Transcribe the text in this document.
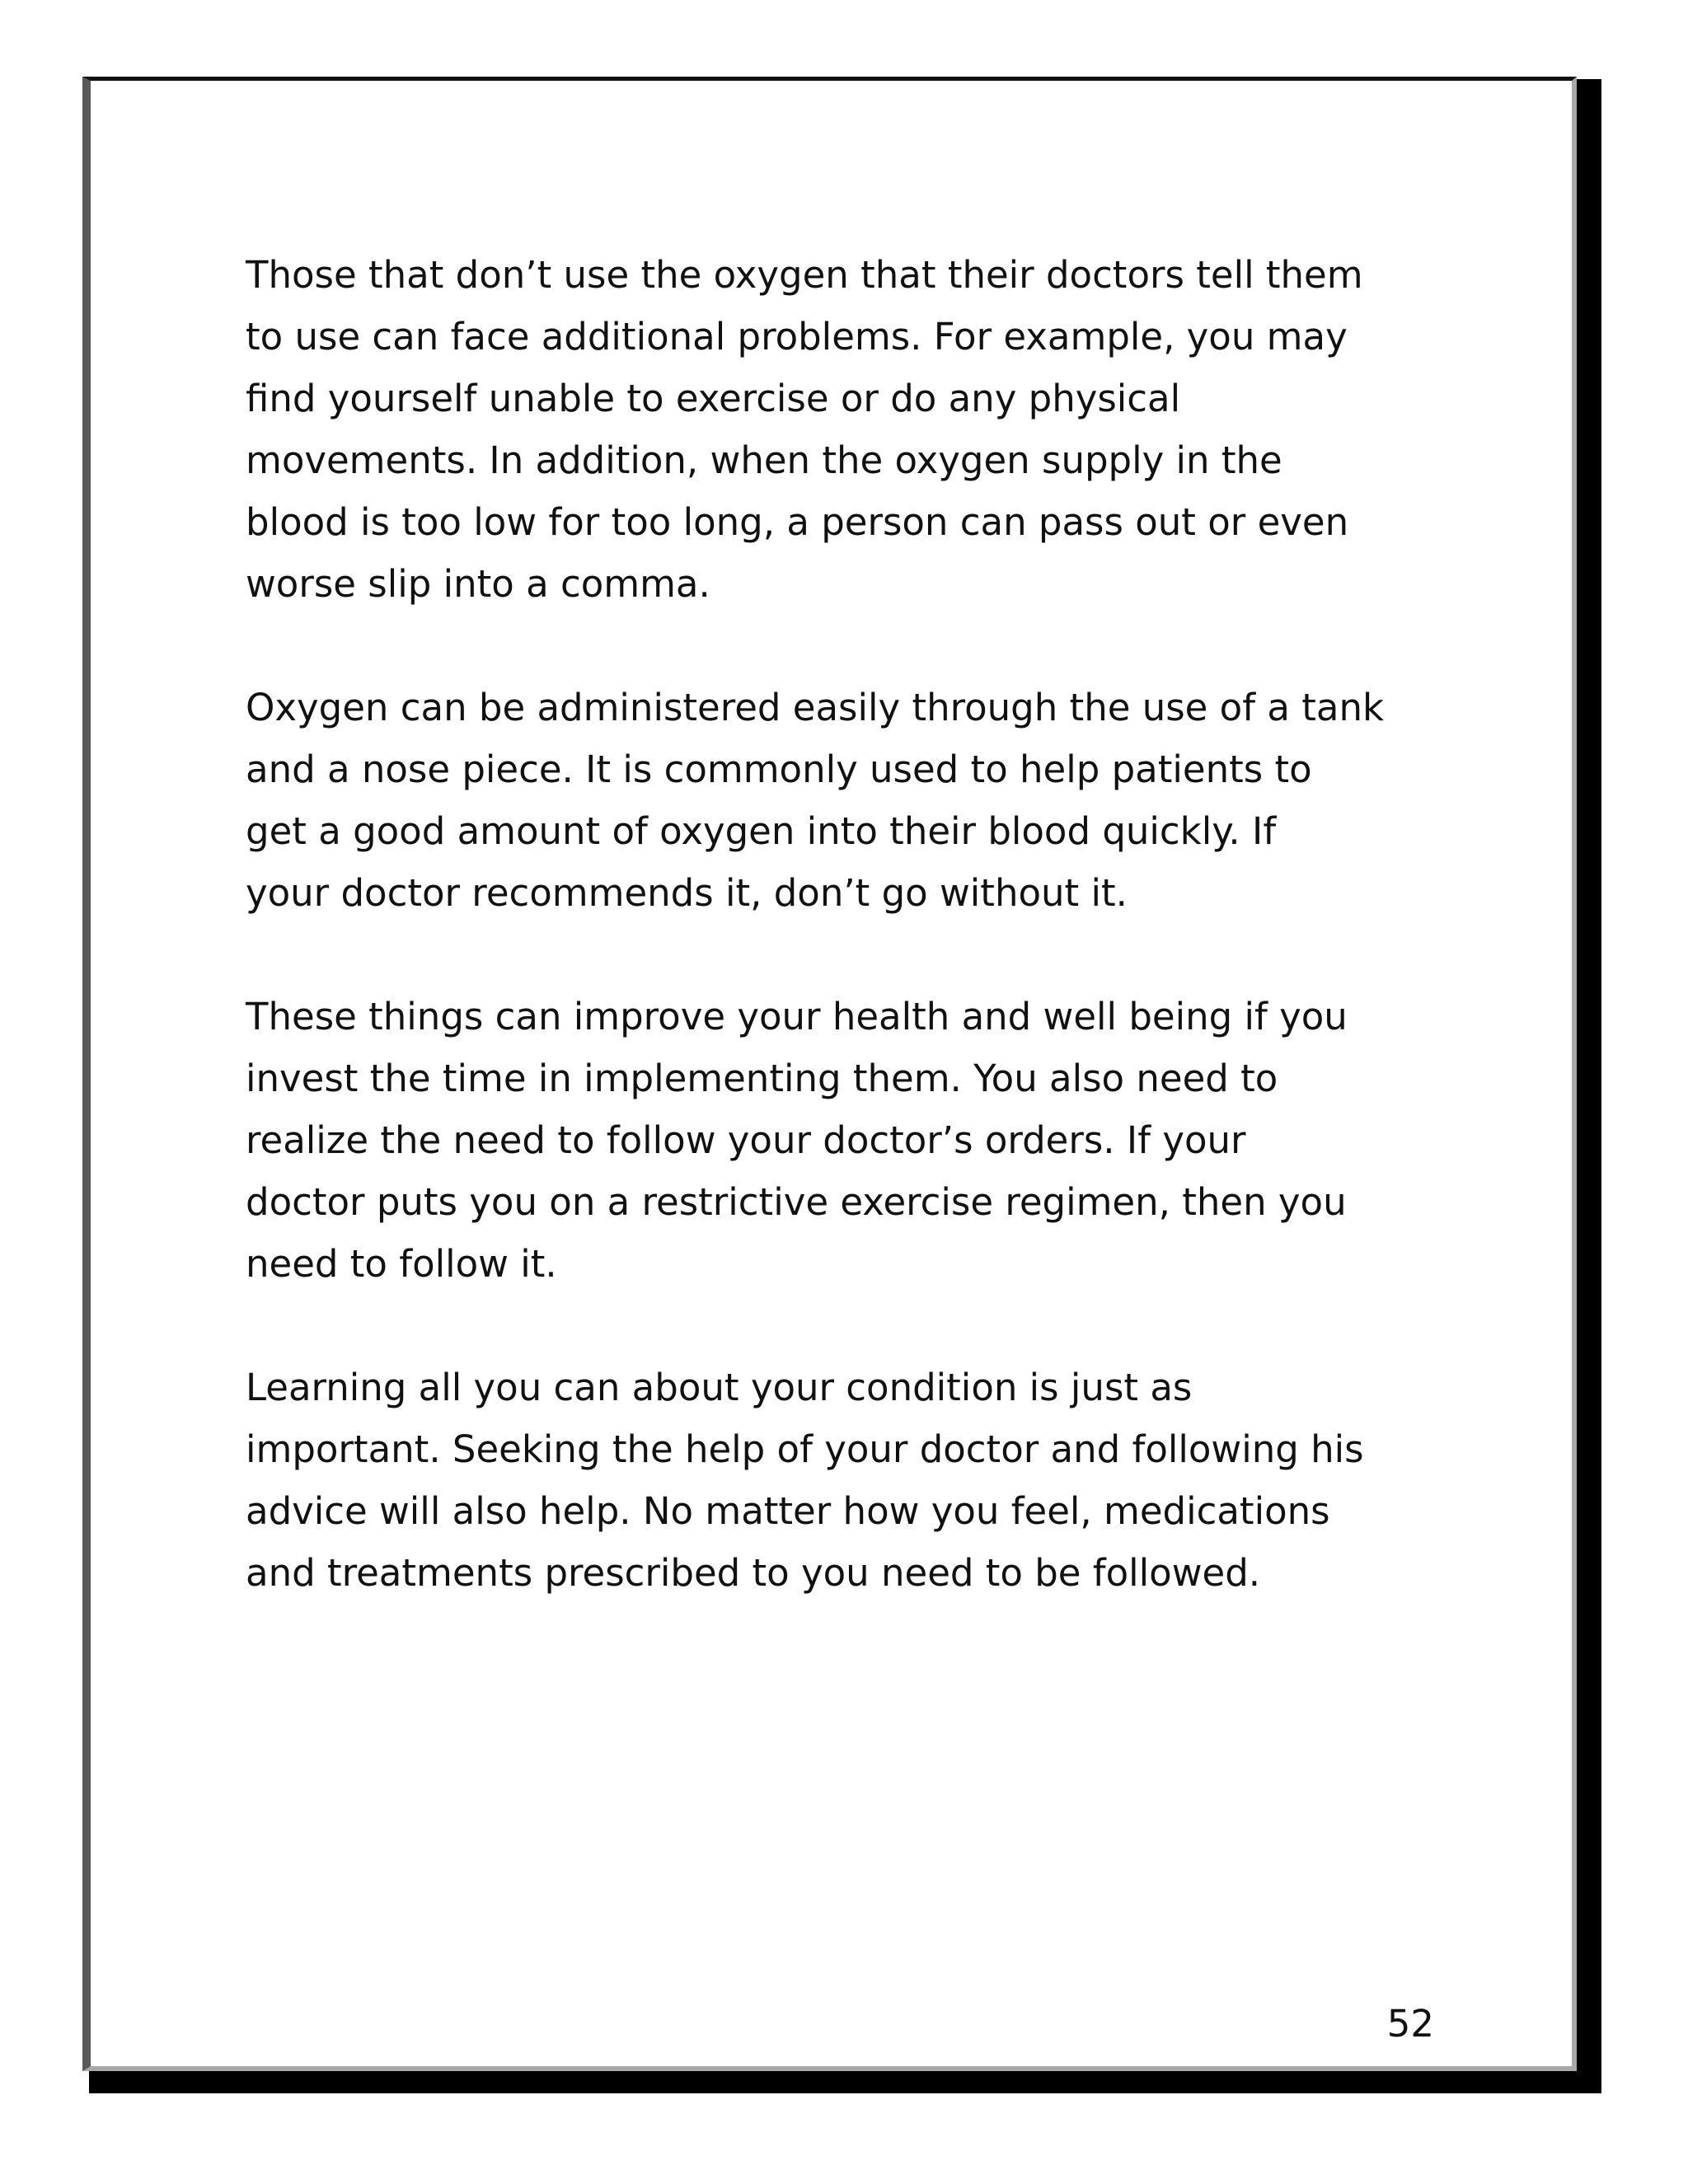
Those that don’t use the oxygen that their doctors tell them
to use can face additional problems. For example, you may
find yourself unable to exercise or do any physical
movements. In addition, when the oxygen supply in the
blood is too low for too long, a person can pass out or even
worse slip into a comma.

Oxygen can be administered easily through the use of a tank
and a nose piece. It is commonly used to help patients to
get a good amount of oxygen into their blood quickly. If
your doctor recommends it, don’t go without it.

These things can improve your health and well being if you
invest the time in implementing them. You also need to
realize the need to follow your doctor’s orders. If your
doctor puts you on a restrictive exercise regimen, then you
need to follow it.

Learning all you can about your condition is just as
important. Seeking the help of your doctor and following his
advice will also help. No matter how you feel, medications
and treatments prescribed to you need to be followed.

52
